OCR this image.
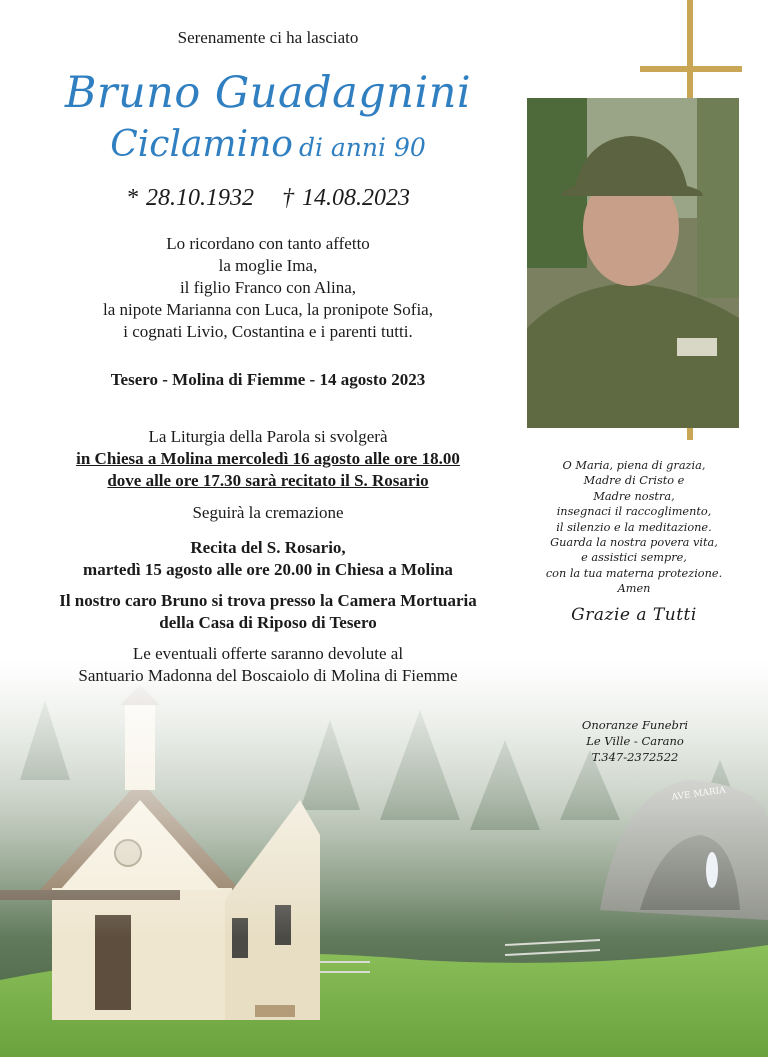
Serenamente ci ha lasciato
Bruno Guadagnini
Ciclamino di anni 90
* 28.10.1932 † 14.08.2023
Lo ricordano con tanto affetto
la moglie Ima,
il figlio Franco con Alina,
la nipote Marianna con Luca, la pronipote Sofia,
i cognati Livio, Costantina e i parenti tutti.
Tesero - Molina di Fiemme - 14 agosto 2023
La Liturgia della Parola si svolgerà
in Chiesa a Molina mercoledì 16 agosto alle ore 18.00
dove alle ore 17.30 sarà recitato il S. Rosario
Seguirà la cremazione
Recita del S. Rosario,
martedì 15 agosto alle ore 20.00 in Chiesa a Molina
Il nostro caro Bruno si trova presso la Camera Mortuaria
della Casa di Riposo di Tesero
Le eventuali offerte saranno devolute al
Santuario Madonna del Boscaiolo di Molina di Fiemme
O Maria, piena di grazia,
Madre di Cristo e
Madre nostra,
insegnaci il raccoglimento,
il silenzio e la meditazione.
Guarda la nostra povera vita,
e assistici sempre,
con la tua materna protezione.
Amen
Grazie a Tutti
Onoranze Funebri
Le Ville - Carano
T.347-2372522
